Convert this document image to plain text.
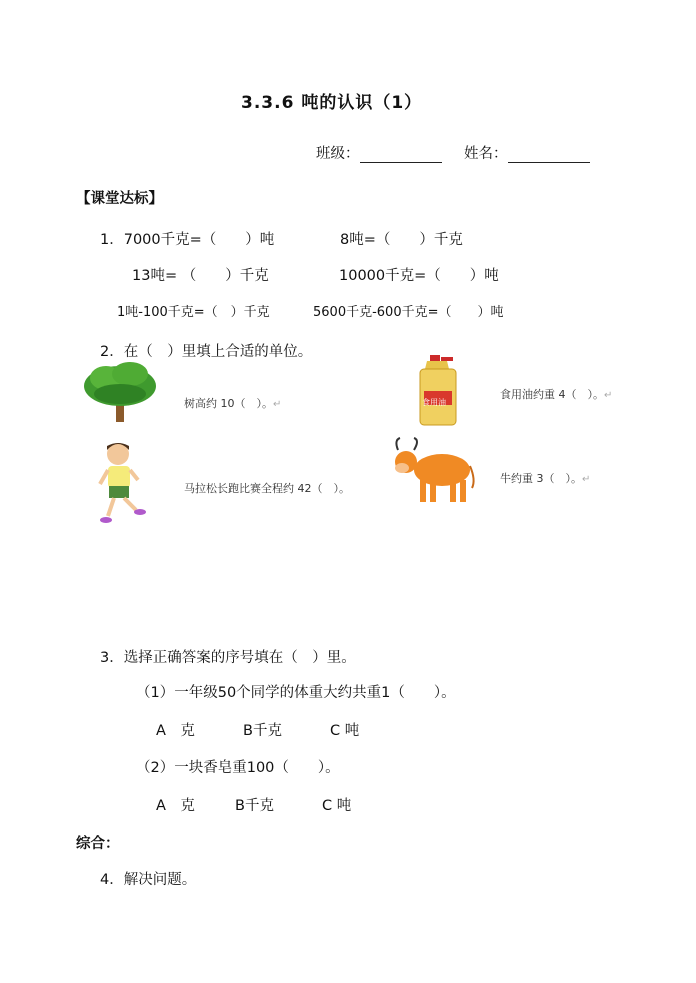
3.3.6 吨的认识（1）
班级：	姓名：
【课堂达标】
1．7000千克=（　　）吨	8吨=（　　）千克
13吨= （　　）千克	10000千克=（　　）吨
1吨-100千克=（　）千克	5600千克-600千克=（　　）吨
2．在（　）里填上合适的单位。
树高约 10（　）。↵	食用油
食用油约重 4（　）。↵
马拉松长跑比赛全程约 42（　）。
牛约重 3（　）。↵
3．选择正确答案的序号填在（　）里。
（1）一年级50个同学的体重大约共重1（　　）。
A　克	B千克	C 吨
（2）一块香皂重100（　　）。
A　克	B千克	C 吨
综合：
4．解决问题。
